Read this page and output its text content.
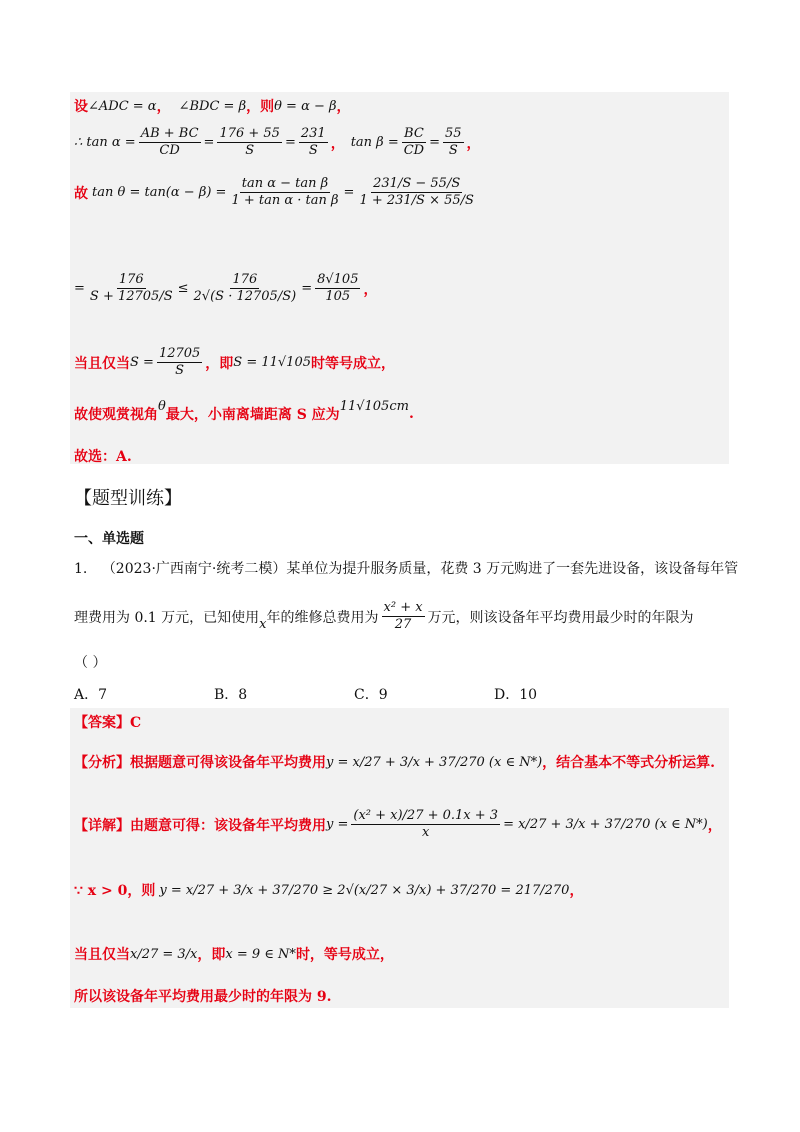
设 ∠ADC = α ， ∠BDC = β ，则 θ = α − β ，
∴ $\tan \alpha = \frac{AB + BC}{CD} = \frac{176 + 55}{S} = \frac{231}{S}$ ， $\tan \beta = \frac{BC}{CD} = \frac{55}{S}$ ，
故 $\tan \theta = \tan(\alpha - \beta) = \frac{\text{tan α − tan β}}{\text{1 + tan α · tan β}} = \frac{231/S - 55/S}{1 + 231/S \times 55/S}$
= $\frac{176}{S + 12705/S} \le \frac{176}{2√(S \cdot 12705/S)} = \frac{8√105}{105}$ ，
当且仅当 $S = \frac{12705}{S}$ ，即 S = 11√105 时等号成立，
故使观赏视角
θ
最大，小南离墙距离 S 应为
11√105cm .
故选：A.
【题型训练】
一、单选题
1. （2023·广西南宁·统考二模）某单位为提升服务质量，花费 3 万元购进了一套先进设备，该设备每年管
理费用为 0.1 万元，已知使用 x 年的维修总费用为 $\frac{\text{x² + x}}{27}$ 万元，则该设备年平均费用最少时的年限为
（ ）
A．7	B．8	C．9	D．10
【答案】C
【分析】根据题意可得该设备年平均费用 y = x/27 + 3/x + 37/270 (x ∈ N*) ，结合基本不等式分析运算.
【详解】由题意可得：该设备年平均费用 $y = \frac{\text{(x² + x)/27 + 0.1x + 3}}{x} = x/27 + 3/x + 37/270$ (x ∈ N*) ，
∵ x > 0，则 y = x/27 + 3/x + 37/270 ≥ 2√(x/27 × 3/x) + 37/270 = 217/270 ，
当且仅当 x/27 = 3/x ，即 x = 9 ∈ N* 时，等号成立，
所以该设备年平均费用最少时的年限为 9.
